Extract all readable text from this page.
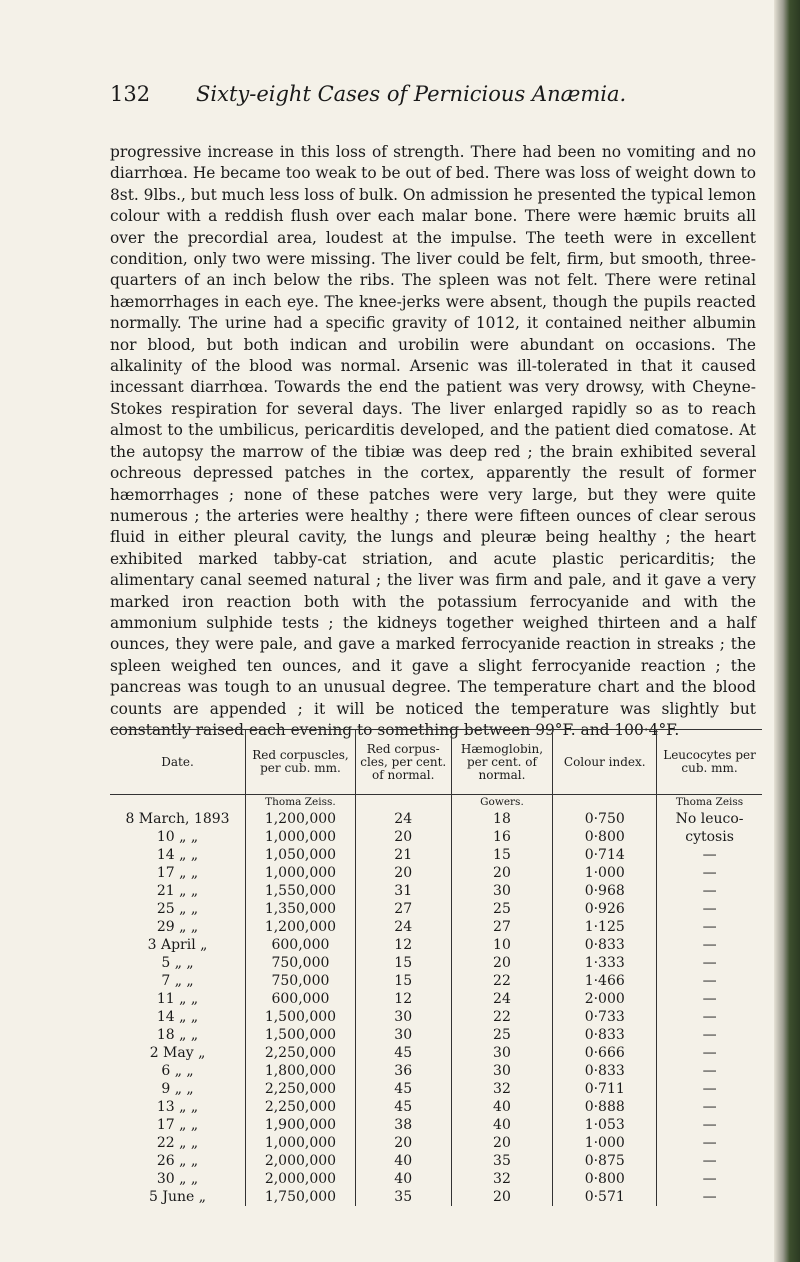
132 Sixty-eight Cases of Pernicious Anæmia.

progressive increase in this loss of strength. There had been no vomiting and no diarrhœa. He became too weak to be out of bed. There was loss of weight down to 8st. 9lbs., but much less loss of bulk. On admission he presented the typical lemon colour with a reddish flush over each malar bone. There were hæmic bruits all over the precordial area, loudest at the impulse. The teeth were in excellent condition, only two were missing. The liver could be felt, firm, but smooth, three-quarters of an inch below the ribs. The spleen was not felt. There were retinal hæmorrhages in each eye. The knee-jerks were absent, though the pupils reacted normally. The urine had a specific gravity of 1012, it contained neither albumin nor blood, but both indican and urobilin were abundant on occasions. The alkalinity of the blood was normal. Arsenic was ill-tolerated in that it caused incessant diarrhœa. Towards the end the patient was very drowsy, with Cheyne-Stokes respiration for several days. The liver enlarged rapidly so as to reach almost to the umbilicus, pericarditis developed, and the patient died comatose. At the autopsy the marrow of the tibiæ was deep red ; the brain exhibited several ochreous depressed patches in the cortex, apparently the result of former hæmorrhages ; none of these patches were very large, but they were quite numerous ; the arteries were healthy ; there were fifteen ounces of clear serous fluid in either pleural cavity, the lungs and pleuræ being healthy ; the heart exhibited marked tabby-cat striation, and acute plastic pericarditis; the alimentary canal seemed natural ; the liver was firm and pale, and it gave a very marked iron reaction both with the potassium ferrocyanide and with the ammonium sulphide tests ; the kidneys together weighed thirteen and a half ounces, they were pale, and gave a marked ferrocyanide reaction in streaks ; the spleen weighed ten ounces, and it gave a slight ferrocyanide reaction ; the pancreas was tough to an unusual degree. The temperature chart and the blood counts are appended ; it will be noticed the temperature was slightly but constantly raised each evening to something between 99°F. and 100·4°F.

Date.	Red corpuscles, per cub. mm.	Red corpus-cles, per cent. of normal.	Hæmoglobin, per cent. of normal.	Colour index.	Leucocytes per cub. mm.
	Thoma Zeiss.		Gowers.		Thoma Zeiss
8 March, 1893	1,200,000	24	18	0·750	No leuco-
10 „ „	1,000,000	20	16	0·800	cytosis
14 „ „	1,050,000	21	15	0·714	—
17 „ „	1,000,000	20	20	1·000	—
21 „ „	1,550,000	31	30	0·968	—
25 „ „	1,350,000	27	25	0·926	—
29 „ „	1,200,000	24	27	1·125	—
3 April „	600,000	12	10	0·833	—
5 „ „	750,000	15	20	1·333	—
7 „ „	750,000	15	22	1·466	—
11 „ „	600,000	12	24	2·000	—
14 „ „	1,500,000	30	22	0·733	—
18 „ „	1,500,000	30	25	0·833	—
2 May „	2,250,000	45	30	0·666	—
6 „ „	1,800,000	36	30	0·833	—
9 „ „	2,250,000	45	32	0·711	—
13 „ „	2,250,000	45	40	0·888	—
17 „ „	1,900,000	38	40	1·053	—
22 „ „	1,000,000	20	20	1·000	—
26 „ „	2,000,000	40	35	0·875	—
30 „ „	2,000,000	40	32	0·800	—
5 June „	1,750,000	35	20	0·571	—
